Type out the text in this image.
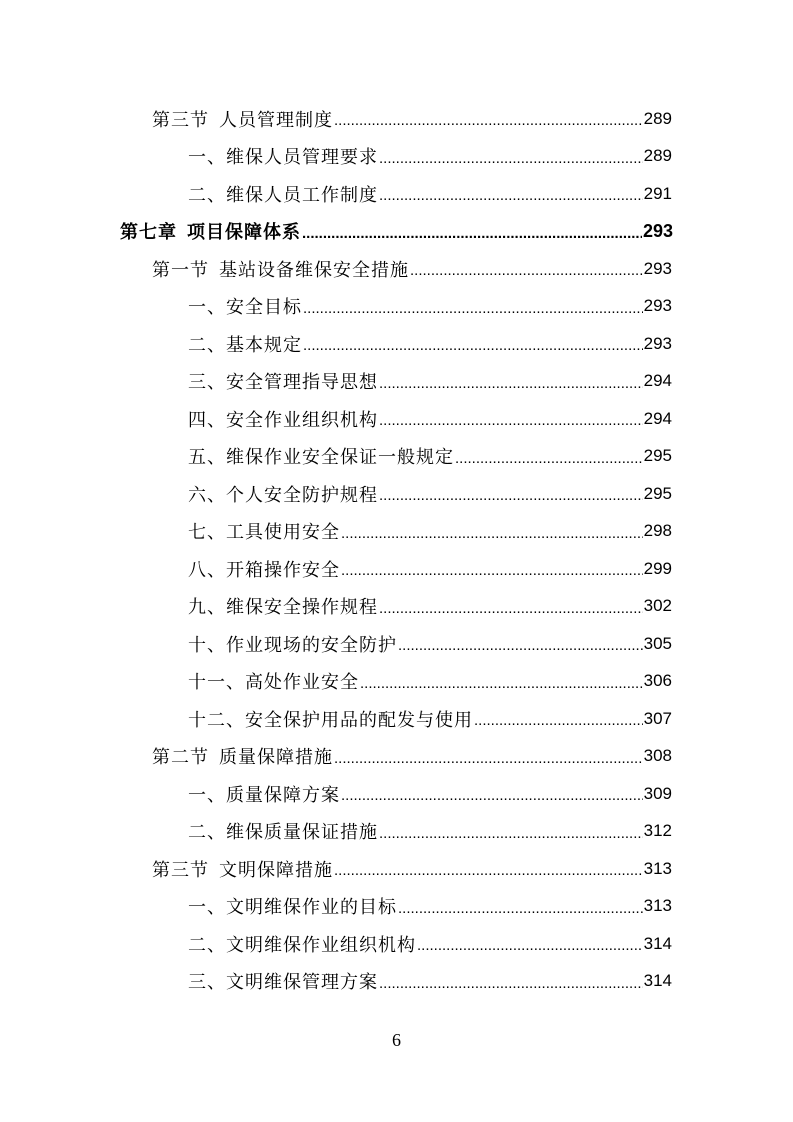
第三节 人员管理制度 .....	289
一、维保人员管理要求 .....	289
二、维保人员工作制度 .....	291
第七章 项目保障体系 .....	293
第一节 基站设备维保安全措施 .....	293
一、安全目标 .....	293
二、基本规定 .....	293
三、安全管理指导思想 .....	294
四、安全作业组织机构 .....	294
五、维保作业安全保证一般规定 .....	295
六、个人安全防护规程 .....	295
七、工具使用安全 .....	298
八、开箱操作安全 .....	299
九、维保安全操作规程 .....	302
十、作业现场的安全防护 .....	305
十一、高处作业安全 .....	306
十二、安全保护用品的配发与使用 .....	307
第二节 质量保障措施 .....	308
一、质量保障方案 .....	309
二、维保质量保证措施 .....	312
第三节 文明保障措施 .....	313
一、文明维保作业的目标 .....	313
二、文明维保作业组织机构 .....	314
三、文明维保管理方案 .....	314
6
